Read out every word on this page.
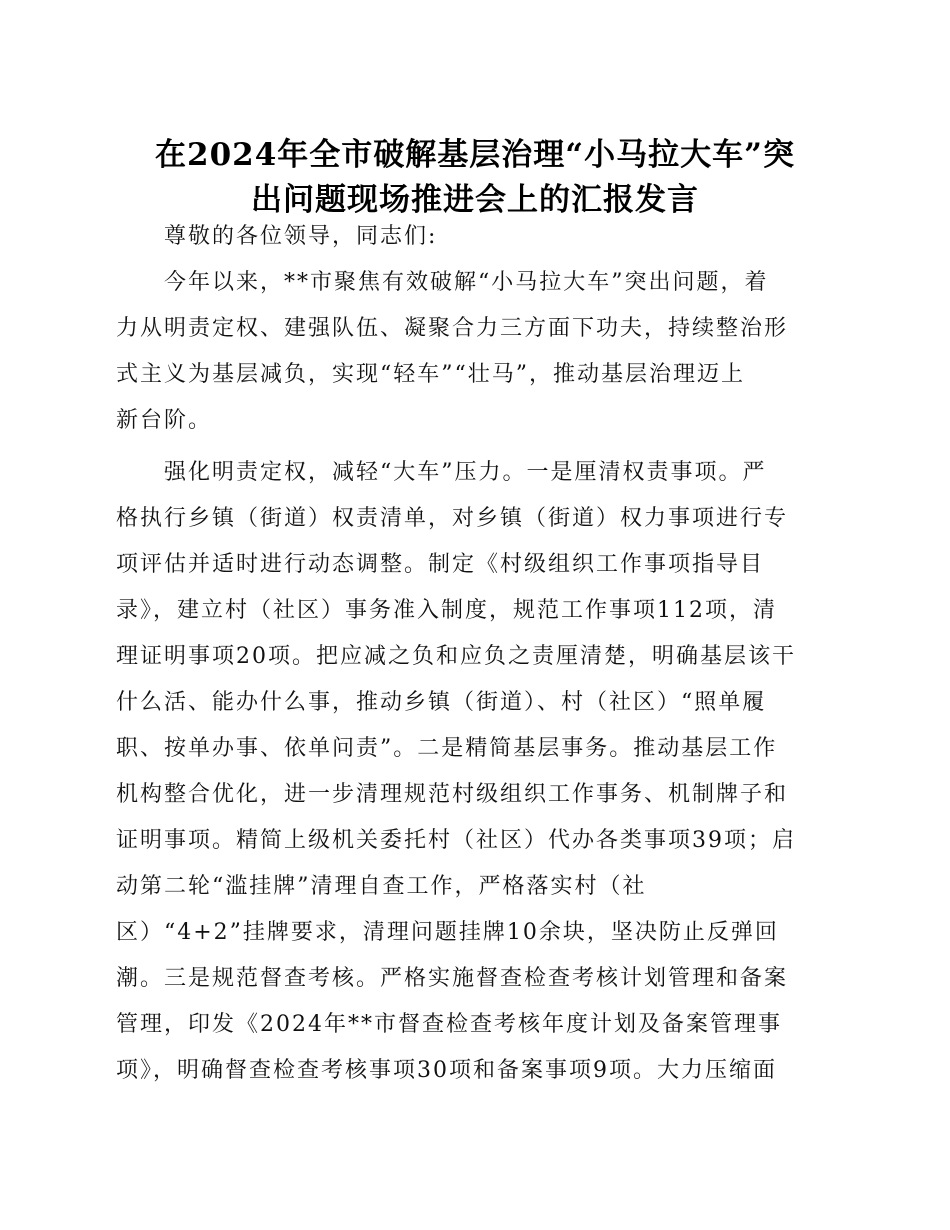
在2024年全市破解基层治理“小马拉大车”突
出问题现场推进会上的汇报发言
　　尊敬的各位领导，同志们:
　　今年以来，**市聚焦有效破解“小马拉大车”突出问题，着
力从明责定权、建强队伍、凝聚合力三方面下功夫，持续整治形
式主义为基层减负，实现“轻车”“壮马”，推动基层治理迈上
新台阶。
　　强化明责定权，减轻“大车”压力。一是厘清权责事项。严
格执行乡镇（街道）权责清单，对乡镇（街道）权力事项进行专
项评估并适时进行动态调整。制定《村级组织工作事项指导目
录》，建立村（社区）事务准入制度，规范工作事项112项，清
理证明事项20项。把应减之负和应负之责厘清楚，明确基层该干
什么活、能办什么事，推动乡镇（街道）、村（社区）“照单履
职、按单办事、依单问责”。二是精简基层事务。推动基层工作
机构整合优化，进一步清理规范村级组织工作事务、机制牌子和
证明事项。精简上级机关委托村（社区）代办各类事项39项；启
动第二轮“滥挂牌”清理自查工作，严格落实村（社
区）“4+2”挂牌要求，清理问题挂牌10余块，坚决防止反弹回
潮。三是规范督查考核。严格实施督查检查考核计划管理和备案
管理，印发《2024年**市督查检查考核年度计划及备案管理事
项》，明确督查检查考核事项30项和备案事项9项。大力压缩面
